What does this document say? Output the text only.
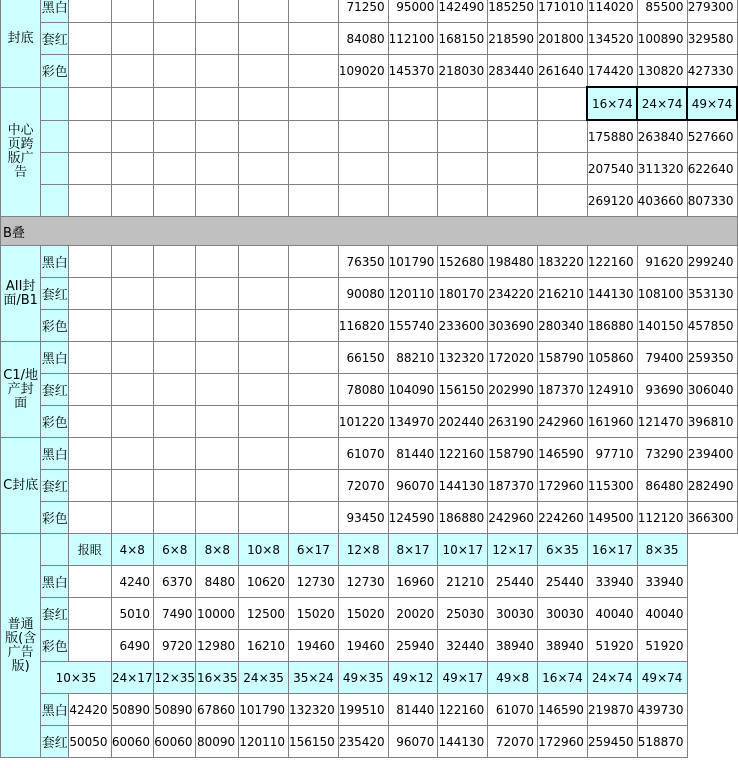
封底	黑白							71250	95000	142490	185250	171010	114020	85500	279300
	套红							84080	112100	168150	218590	201800	134520	100890	329580
	彩色							109020	145370	218030	283440	261640	174420	130820	427330
中心页跨版广告													16×74	24×74	49×74
													175880	263840	527660
													207540	311320	622640
													269120	403660	807330
B叠															
AII封面/B1	黑白							76350	101790	152680	198480	183220	122160	91620	299240
	套红							90080	120110	180170	234220	216210	144130	108100	353130
	彩色							116820	155740	233600	303690	280340	186880	140150	457850
C1/地产封面	黑白							66150	88210	132320	172020	158790	105860	79400	259350
	套红							78080	104090	156150	202990	187370	124910	93690	306040
	彩色							101220	134970	202440	263190	242960	161960	121470	396810
C封底	黑白							61070	81440	122160	158790	146590	97710	73290	239400
	套红							72070	96070	144130	187370	172960	115300	86480	282490
	彩色							93450	124590	186880	242960	224260	149500	112120	366300
普通版(含广告版)		报眼	4×8	6×8	8×8	10×8	6×17	12×8	8×17	10×17	12×17	6×35	16×17	8×35	
	黑白		4240	6370	8480	10620	12730	12730	16960	21210	25440	25440	33940	33940	
	套红		5010	7490	10000	12500	15020	15020	20020	25030	30030	30030	40040	40040	
	彩色		6490	9720	12980	16210	19460	19460	25940	32440	38940	38940	51920	51920	
	10×35		24×17	12×35	16×35	24×35	35×24	49×35	49×12	49×17	49×8	16×74	24×74	49×74	
	黑白	42420	50890	50890	67860	101790	132320	199510	81440	122160	61070	146590	219870	439730	
	套红	50050	60060	60060	80090	120110	156150	235420	96070	144130	72070	172960	259450	518870	
